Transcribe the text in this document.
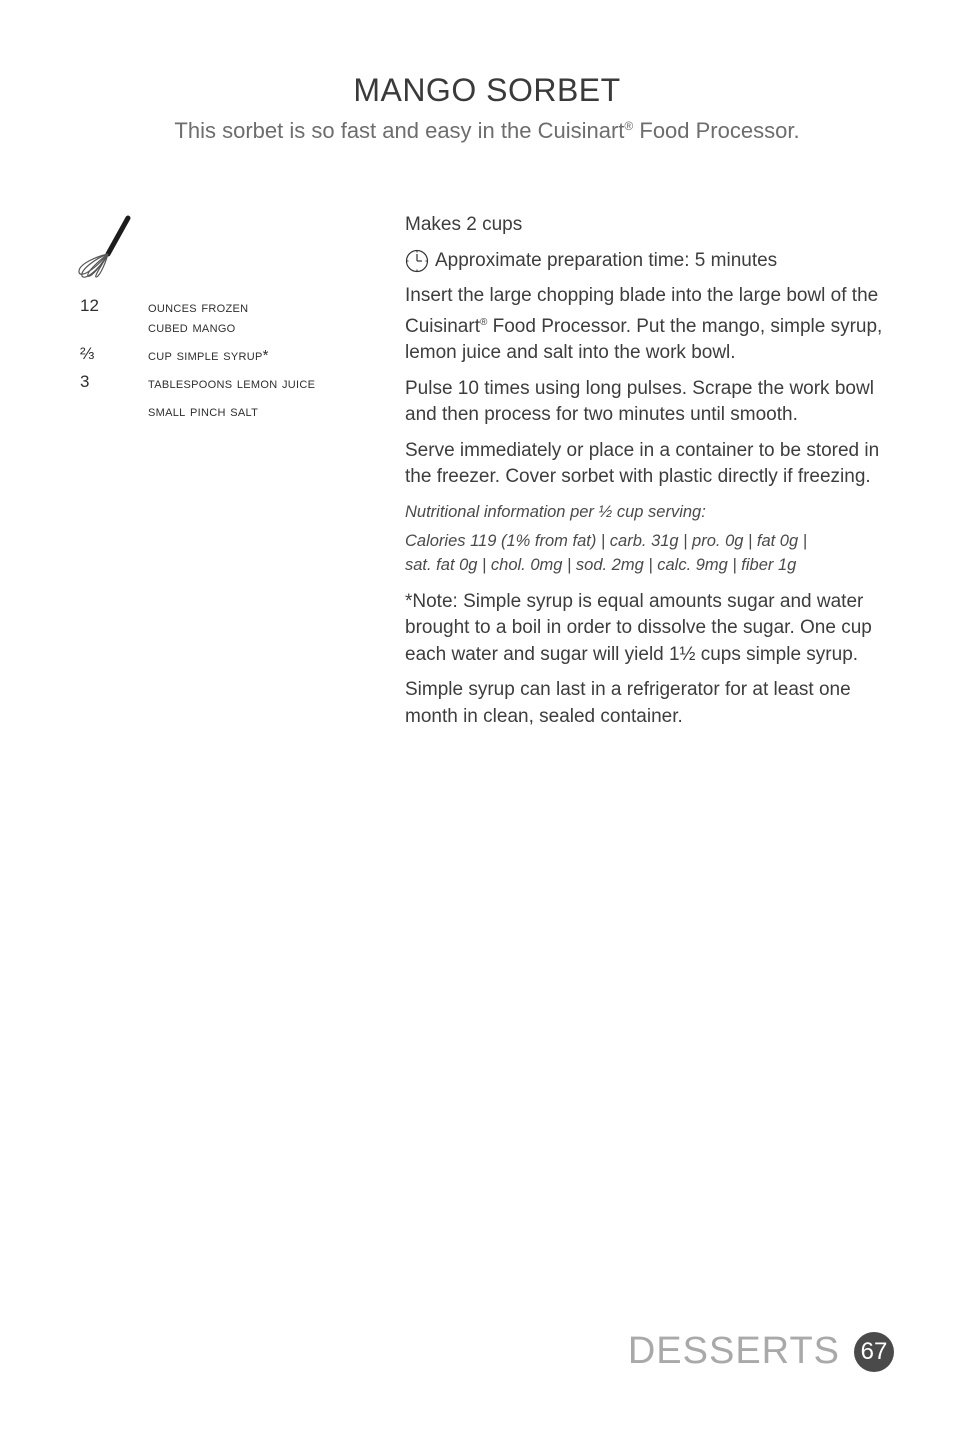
MANGO SORBET
This sorbet is so fast and easy in the Cuisinart® Food Processor.
12	ounces frozen
cubed mango
⅔	cup simple syrup*
3	tablespoons lemon juice
small pinch salt

Makes 2 cups

Approximate preparation time: 5 minutes

Insert the large chopping blade into the large bowl of the Cuisinart® Food Processor. Put the mango, simple syrup, lemon juice and salt into the work bowl.

Pulse 10 times using long pulses. Scrape the work bowl and then process for two minutes until smooth.

Serve immediately or place in a container to be stored in the freezer. Cover sorbet with plastic directly if freezing.

Nutritional information per ½ cup serving:

Calories 119 (1% from fat) | carb. 31g | pro. 0g | fat 0g |
sat. fat 0g | chol. 0mg | sod. 2mg | calc. 9mg | fiber 1g

*Note: Simple syrup is equal amounts sugar and water brought to a boil in order to dissolve the sugar. One cup each water and sugar will yield 1½ cups simple syrup.

Simple syrup can last in a refrigerator for at least one month in clean, sealed container.

DESSERTS 67
